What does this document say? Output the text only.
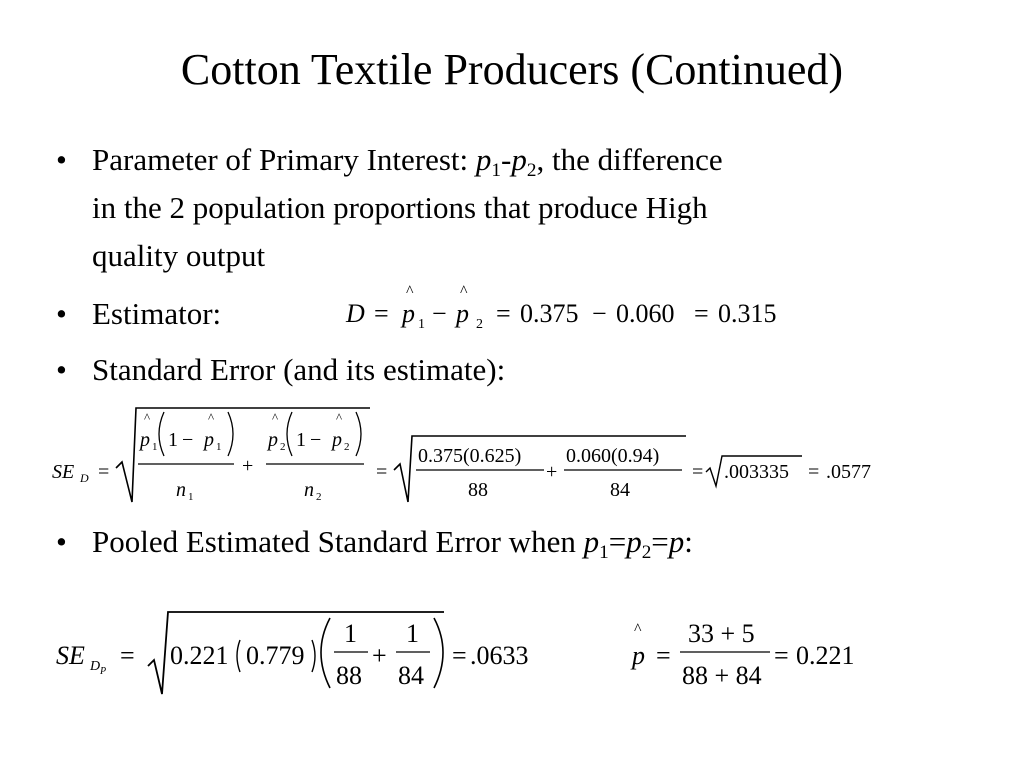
Cotton Textile Producers (Continued)
• Parameter of Primary Interest: $p_1-p_2$, the difference
in the 2 population proportions that produce High
quality output
• Estimator:
• Standard Error (and its estimate):
• Pooled Estimated Standard Error when $p_1=p_2=p$:
D =
^
p 1 −
^
p 2 = 0.375 − 0.060 = 0.315
SE D =
^
p 1 1 −
^
p 1
n 1
+
^
p 2 1 −
^
p 2
n 2
=
0.375(0.625)
88
+
0.060(0.94)
84
= .003335 = .0577
SE D P
= 0.221 0.779
1
88
+
1
84
= .0633
^
p =
33 + 5
88 + 84
= 0.221
